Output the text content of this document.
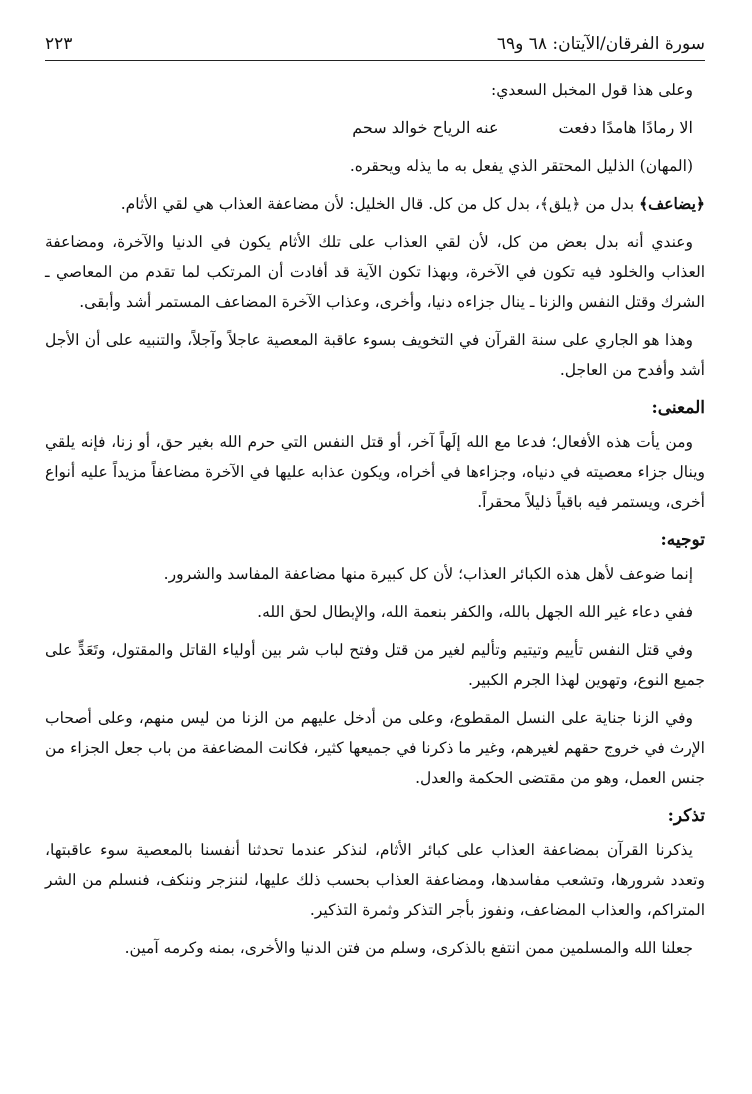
سورة الفرقان/الآيتان: ٦٨ و٦٩
٢٢٣

وعلى هذا قول المخبل السعدي:

الا رمادًا هامدًا دفعت
عنه الرياح خوالد سحم

(المهان) الذليل المحتقر الذي يفعل به ما يذله ويحقره.

﴿يضاعف﴾ بدل من ﴿يلق﴾، بدل كل من كل. قال الخليل: لأن مضاعفة العذاب هي لقي الأثام.

وعندي أنه بدل بعض من كل، لأن لقي العذاب على تلك الأثام يكون في الدنيا والآخرة، ومضاعفة العذاب والخلود فيه تكون في الآخرة، وبهذا تكون الآية قد أفادت أن المرتكب لما تقدم من المعاصي ـ الشرك وقتل النفس والزنا ـ ينال جزاءه دنيا، وأخرى، وعذاب الآخرة المضاعف المستمر أشد وأبقى.

وهذا هو الجاري على سنة القرآن في التخويف بسوء عاقبة المعصية عاجلاً وآجلاً، والتنبيه على أن الأجل أشد وأفدح من العاجل.

المعنى:

ومن يأت هذه الأفعال؛ فدعا مع الله إلَهاً آخر، أو قتل النفس التي حرم الله بغير حق، أو زنا، فإنه يلقي وينال جزاء معصيته في دنياه، وجزاءها في أخراه، ويكون عذابه عليها في الآخرة مضاعفاً مزيداً عليه أنواع أخرى، ويستمر فيه باقياً ذليلاً محقراً.

توجيه:

إنما ضوعف لأهل هذه الكبائر العذاب؛ لأن كل كبيرة منها مضاعفة المفاسد والشرور.

ففي دعاء غير الله الجهل بالله، والكفر بنعمة الله، والإبطال لحق الله.

وفي قتل النفس تأييم وتيتيم وتأليم لغير من قتل وفتح لباب شر بين أولياء القاتل والمقتول، وتَعَدٍّ على جميع النوع، وتهوين لهذا الجرم الكبير.

وفي الزنا جناية على النسل المقطوع، وعلى من أدخل عليهم من الزنا من ليس منهم، وعلى أصحاب الإرث في خروج حقهم لغيرهم، وغير ما ذكرنا في جميعها كثير، فكانت المضاعفة من باب جعل الجزاء من جنس العمل، وهو من مقتضى الحكمة والعدل.

تذكر:

يذكرنا القرآن بمضاعفة العذاب على كبائر الأثام، لنذكر عندما تحدثنا أنفسنا بالمعصية سوء عاقبتها، وتعدد شرورها، وتشعب مفاسدها، ومضاعفة العذاب بحسب ذلك عليها، لننزجر وننكف، فنسلم من الشر المتراكم، والعذاب المضاعف، ونفوز بأجر التذكر وثمرة التذكير.

جعلنا الله والمسلمين ممن انتفع بالذكرى، وسلم من فتن الدنيا والأخرى، بمنه وكرمه آمين.
